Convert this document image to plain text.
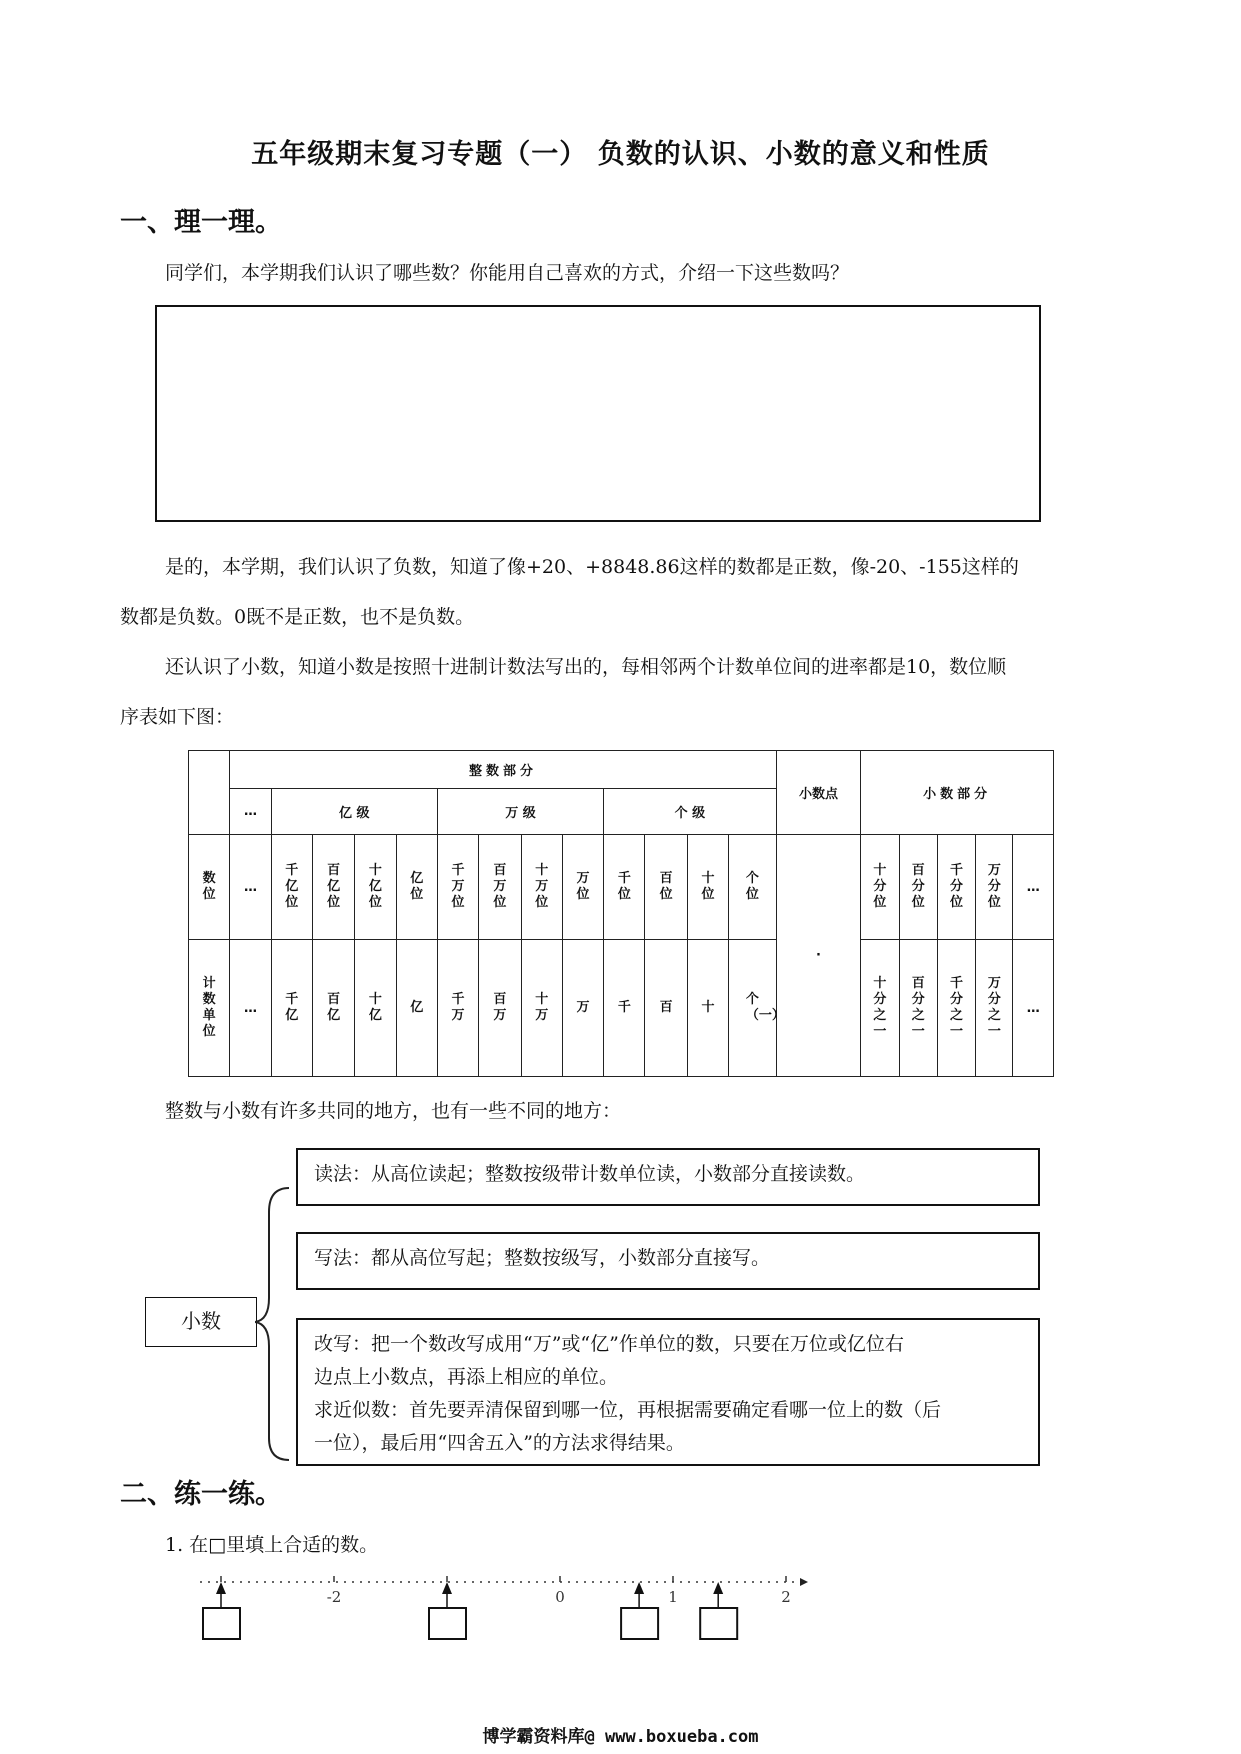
五年级期末复习专题（一） 负数的认识、小数的意义和性质
一、理一理。
同学们，本学期我们认识了哪些数？你能用自己喜欢的方式，介绍一下这些数吗？
是的，本学期，我们认识了负数，知道了像+20、+8848.86这样的数都是正数，像-20、-155这样的
数都是负数。0既不是正数，也不是负数。
还认识了小数，知道小数是按照十进制计数法写出的，每相邻两个计数单位间的进率都是10，数位顺
序表如下图：
	整数部分													小数点	小数部分				
	…	亿 级				万 级				个 级									
数位	…	千亿位	百亿位	十亿位	亿位	千万位	百万位	十万位	万位	千位	百位	十位	个位	·	十分位	百分位	千分位	万分位	…
计数单位	…	千亿	百亿	十亿	亿	千万	百万	十万	万	千	百	十	个（一）		十分之一	百分之一	千分之一	万分之一	…
整数与小数有许多共同的地方，也有一些不同的地方：
小数
读法：从高位读起；整数按级带计数单位读，小数部分直接读数。
写法：都从高位写起；整数按级写，小数部分直接写。
改写：把一个数改写成用“万”或“亿”作单位的数，只要在万位或亿位右
边点上小数点，再添上相应的单位。
求近似数：首先要弄清保留到哪一位，再根据需要确定看哪一位上的数（后
一位），最后用“四舍五入”的方法求得结果。
二、练一练。
1. 在□里填上合适的数。
-2	0	1	2
博学霸资料库@ www.boxueba.com
